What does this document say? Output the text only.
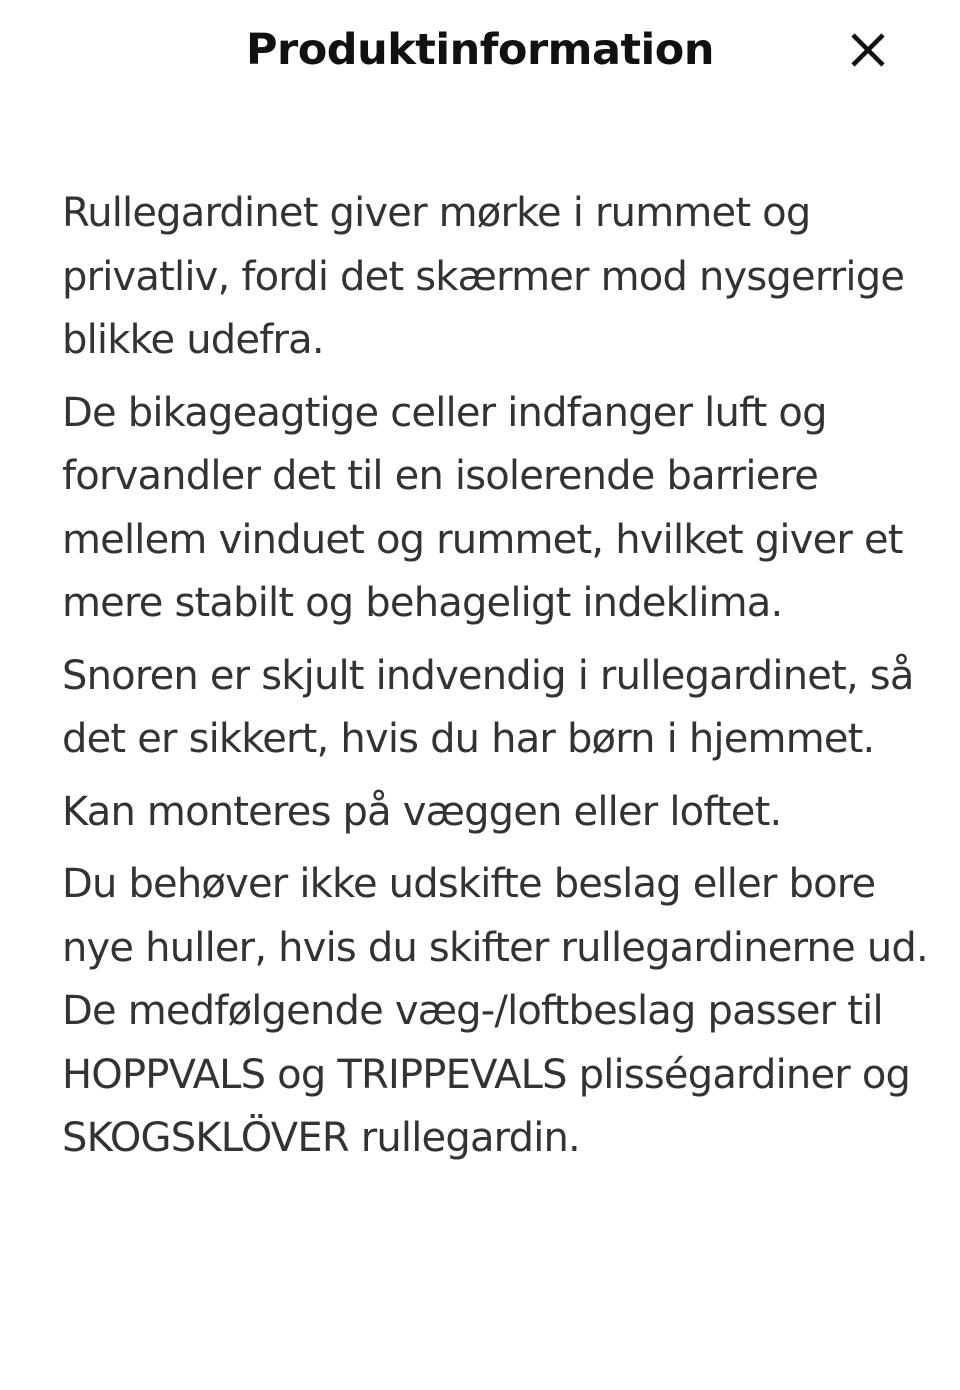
Produktinformation

Rullegardinet giver mørke i rummet og privatliv, fordi det skærmer mod nysgerrige blikke udefra.

De bikageagtige celler indfanger luft og forvandler det til en isolerende barriere mellem vinduet og rummet, hvilket giver et mere stabilt og behageligt indeklima.

Snoren er skjult indvendig i rullegardinet, så det er sikkert, hvis du har børn i hjemmet.

Kan monteres på væggen eller loftet.

Du behøver ikke udskifte beslag eller bore nye huller, hvis du skifter rullegardinerne ud. De medfølgende væg-/loftbeslag passer til HOPPVALS og TRIPPEVALS plisségardiner og SKOGSKLÖVER rullegardin.
